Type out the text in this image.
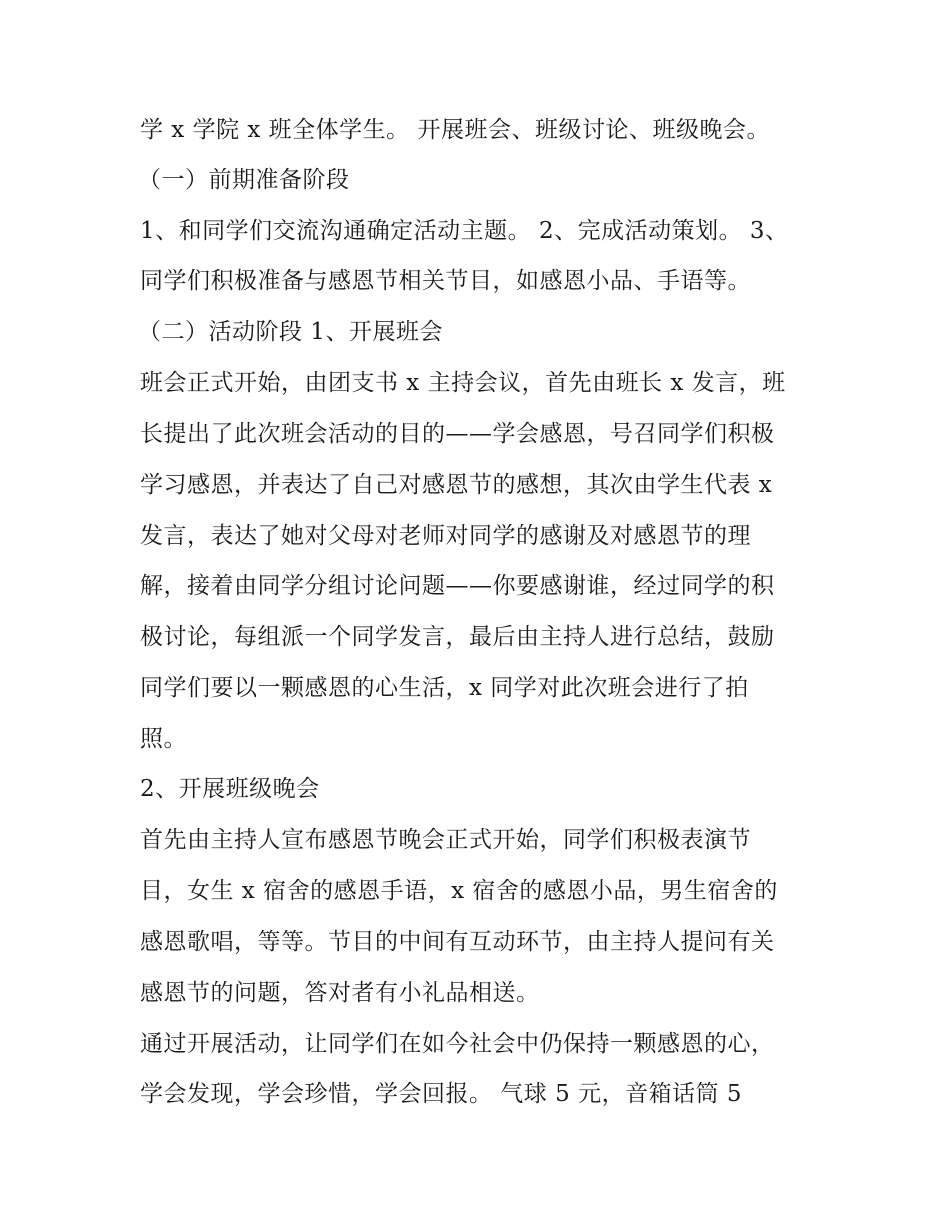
学 x 学院 x 班全体学生。 开展班会、班级讨论、班级晚会。
（一）前期准备阶段
1、和同学们交流沟通确定活动主题。 2、完成活动策划。 3、
同学们积极准备与感恩节相关节目，如感恩小品、手语等。
（二）活动阶段 1、开展班会
班会正式开始，由团支书 x 主持会议，首先由班长 x 发言，班
长提出了此次班会活动的目的——学会感恩，号召同学们积极
学习感恩，并表达了自己对感恩节的感想，其次由学生代表 x
发言，表达了她对父母对老师对同学的感谢及对感恩节的理
解，接着由同学分组讨论问题——你要感谢谁，经过同学的积
极讨论，每组派一个同学发言，最后由主持人进行总结，鼓励
同学们要以一颗感恩的心生活，x 同学对此次班会进行了拍
照。
2、开展班级晚会
首先由主持人宣布感恩节晚会正式开始，同学们积极表演节
目，女生 x 宿舍的感恩手语，x 宿舍的感恩小品，男生宿舍的
感恩歌唱，等等。节目的中间有互动环节，由主持人提问有关
感恩节的问题，答对者有小礼品相送。
通过开展活动，让同学们在如今社会中仍保持一颗感恩的心，
学会发现，学会珍惜，学会回报。 气球 5 元，音箱话筒 5
